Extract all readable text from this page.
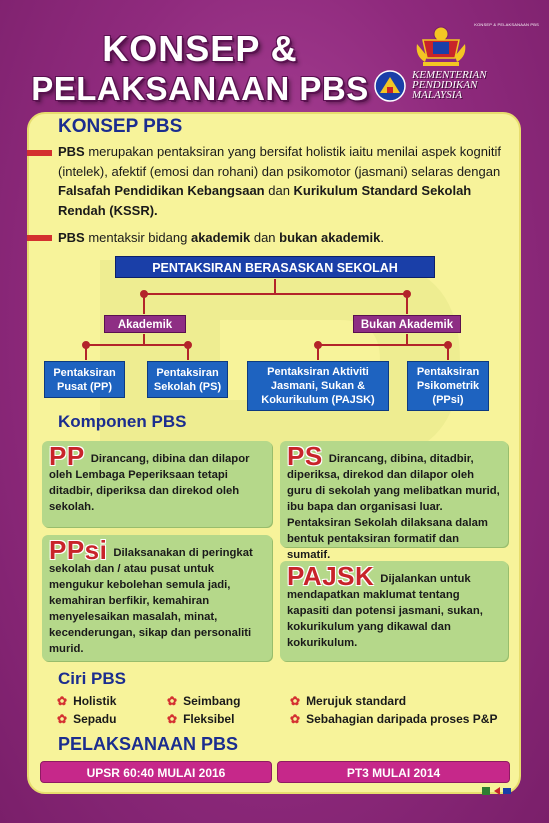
KONSEP & PELAKSANAAN PBS
KONSEP &
PELAKSANAAN PBS	KEMENTERIAN
PENDIDIKAN
MALAYSIA
KONSEP PBS
PBS merupakan pentaksiran yang bersifat holistik iaitu menilai aspek kognitif (intelek), afektif (emosi dan rohani) dan psikomotor (jasmani) selaras dengan Falsafah Pendidikan Kebangsaan dan Kurikulum Standard Sekolah Rendah (KSSR).
PBS mentaksir bidang akademik dan bukan akademik.
PENTAKSIRAN BERASASKAN SEKOLAH
Akademik	Bukan Akademik
Pentaksiran Pusat (PP)
Pentaksiran Sekolah (PS)
Pentaksiran Aktiviti Jasmani, Sukan & Kokurikulum (PAJSK)
Pentaksiran Psikometrik (PPsi)
Komponen PBS
PP Dirancang, dibina dan dilapor oleh Lembaga Peperiksaan tetapi ditadbir, diperiksa dan direkod oleh sekolah.
PS Dirancang, dibina, ditadbir, diperiksa, direkod dan dilapor oleh guru di sekolah yang melibatkan murid, ibu bapa dan organisasi luar. Pentaksiran Sekolah dilaksana dalam bentuk pentaksiran formatif dan sumatif.
PPsi Dilaksanakan di peringkat sekolah dan / atau pusat untuk mengukur kebolehan semula jadi, kemahiran berfikir, kemahiran menyelesaikan masalah, minat, kecenderungan, sikap dan personaliti murid.
PAJSK Dijalankan untuk mendapatkan maklumat tentang kapasiti dan potensi jasmani, sukan, kokurikulum yang dikawal dan kokurikulum.
Ciri PBS
✿ Holistik
✿ Sepadu
✿ Seimbang
✿ Fleksibel
✿ Merujuk standard
✿ Sebahagian daripada proses P&P
PELAKSANAAN PBS
UPSR 60:40 MULAI 2016	PT3 MULAI 2014
